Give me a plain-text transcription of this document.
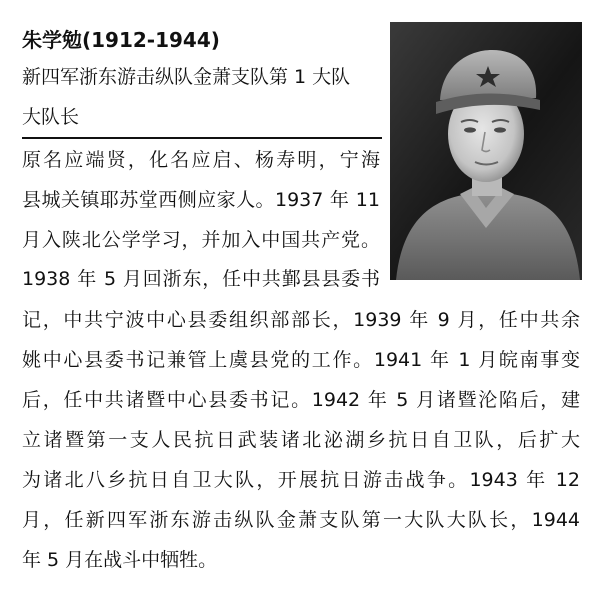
朱学勉(1912-1944)
新四军浙东游击纵队金萧支队第 1 大队
大队长
原名应端贤，化名应启、杨寿明，宁海
县城关镇耶苏堂西侧应家人。1937 年 11
月入陕北公学学习，并加入中国共产党。
1938 年 5 月回浙东，任中共鄞县县委书
记，中共宁波中心县委组织部部长，1939 年 9 月，任中共余
姚中心县委书记兼管上虞县党的工作。1941 年 1 月皖南事变
后，任中共诸暨中心县委书记。1942 年 5 月诸暨沦陷后，建
立诸暨第一支人民抗日武装诸北泌湖乡抗日自卫队，后扩大
为诸北八乡抗日自卫大队，开展抗日游击战争。1943 年 12
月，任新四军浙东游击纵队金萧支队第一大队大队长，1944
年 5 月在战斗中牺牲。
